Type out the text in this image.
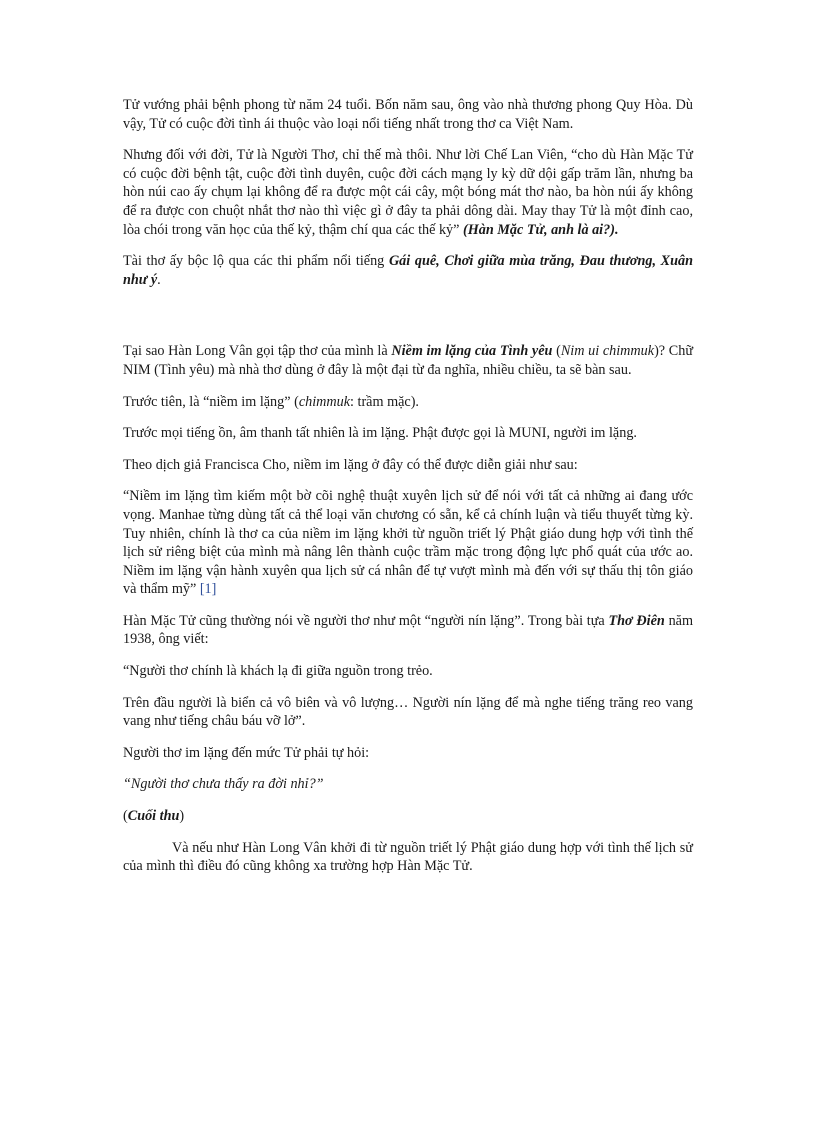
Tử vướng phải bệnh phong từ năm 24 tuổi. Bốn năm sau, ông vào nhà thương phong Quy Hòa. Dù vậy, Tử có cuộc đời tình ái thuộc vào loại nổi tiếng nhất trong thơ ca Việt Nam.

Nhưng đối với đời, Tử là Người Thơ, chỉ thế mà thôi. Như lời Chế Lan Viên, “cho dù Hàn Mặc Tử có cuộc đời bệnh tật, cuộc đời tình duyên, cuộc đời cách mạng ly kỳ dữ dội gấp trăm lần, nhưng ba hòn núi cao ấy chụm lại không để ra được một cái cây, một bóng mát thơ nào, ba hòn núi ấy không để ra được con chuột nhắt thơ nào thì việc gì ở đây ta phải dông dài. May thay Tử là một đỉnh cao, lòa chói trong văn học của thế kỷ, thậm chí qua các thế kỷ” (Hàn Mặc Tử, anh là ai?).

Tài thơ ấy bộc lộ qua các thi phẩm nổi tiếng Gái quê, Chơi giữa mùa trăng, Đau thương, Xuân như ý.

Tại sao Hàn Long Vân gọi tập thơ của mình là Niềm im lặng của Tình yêu (Nim ui chimmuk)? Chữ NIM (Tình yêu) mà nhà thơ dùng ở đây là một đại từ đa nghĩa, nhiều chiều, ta sẽ bàn sau.

Trước tiên, là “niềm im lặng” (chimmuk: trầm mặc).

Trước mọi tiếng ồn, âm thanh tất nhiên là im lặng. Phật được gọi là MUNI, người im lặng.

Theo dịch giả Francisca Cho, niềm im lặng ở đây có thể được diễn giải như sau:

“Niềm im lặng tìm kiếm một bờ cõi nghệ thuật xuyên lịch sử để nói với tất cả những ai đang ước vọng. Manhae từng dùng tất cả thể loại văn chương có sẵn, kể cả chính luận và tiểu thuyết từng kỳ. Tuy nhiên, chính là thơ ca của niềm im lặng khởi từ nguồn triết lý Phật giáo dung hợp với tình thế lịch sử riêng biệt của mình mà nâng lên thành cuộc trầm mặc trong động lực phổ quát của ước ao. Niềm im lặng vận hành xuyên qua lịch sử cá nhân để tự vượt mình mà đến với sự thấu thị tôn giáo và thẩm mỹ” [1]

Hàn Mặc Tử cũng thường nói về người thơ như một “người nín lặng”. Trong bài tựa Thơ Điên năm 1938, ông viết:

“Người thơ chính là khách lạ đi giữa nguồn trong trẻo.

Trên đầu người là biển cả vô biên và vô lượng… Người nín lặng để mà nghe tiếng trăng reo vang vang như tiếng châu báu vỡ lở”.

Người thơ im lặng đến mức Tử phải tự hỏi:

“Người thơ chưa thấy ra đời nhỉ?”

(Cuối thu)

Và nếu như Hàn Long Vân khởi đi từ nguồn triết lý Phật giáo dung hợp với tình thế lịch sử của mình thì điều đó cũng không xa trường hợp Hàn Mặc Tử.
